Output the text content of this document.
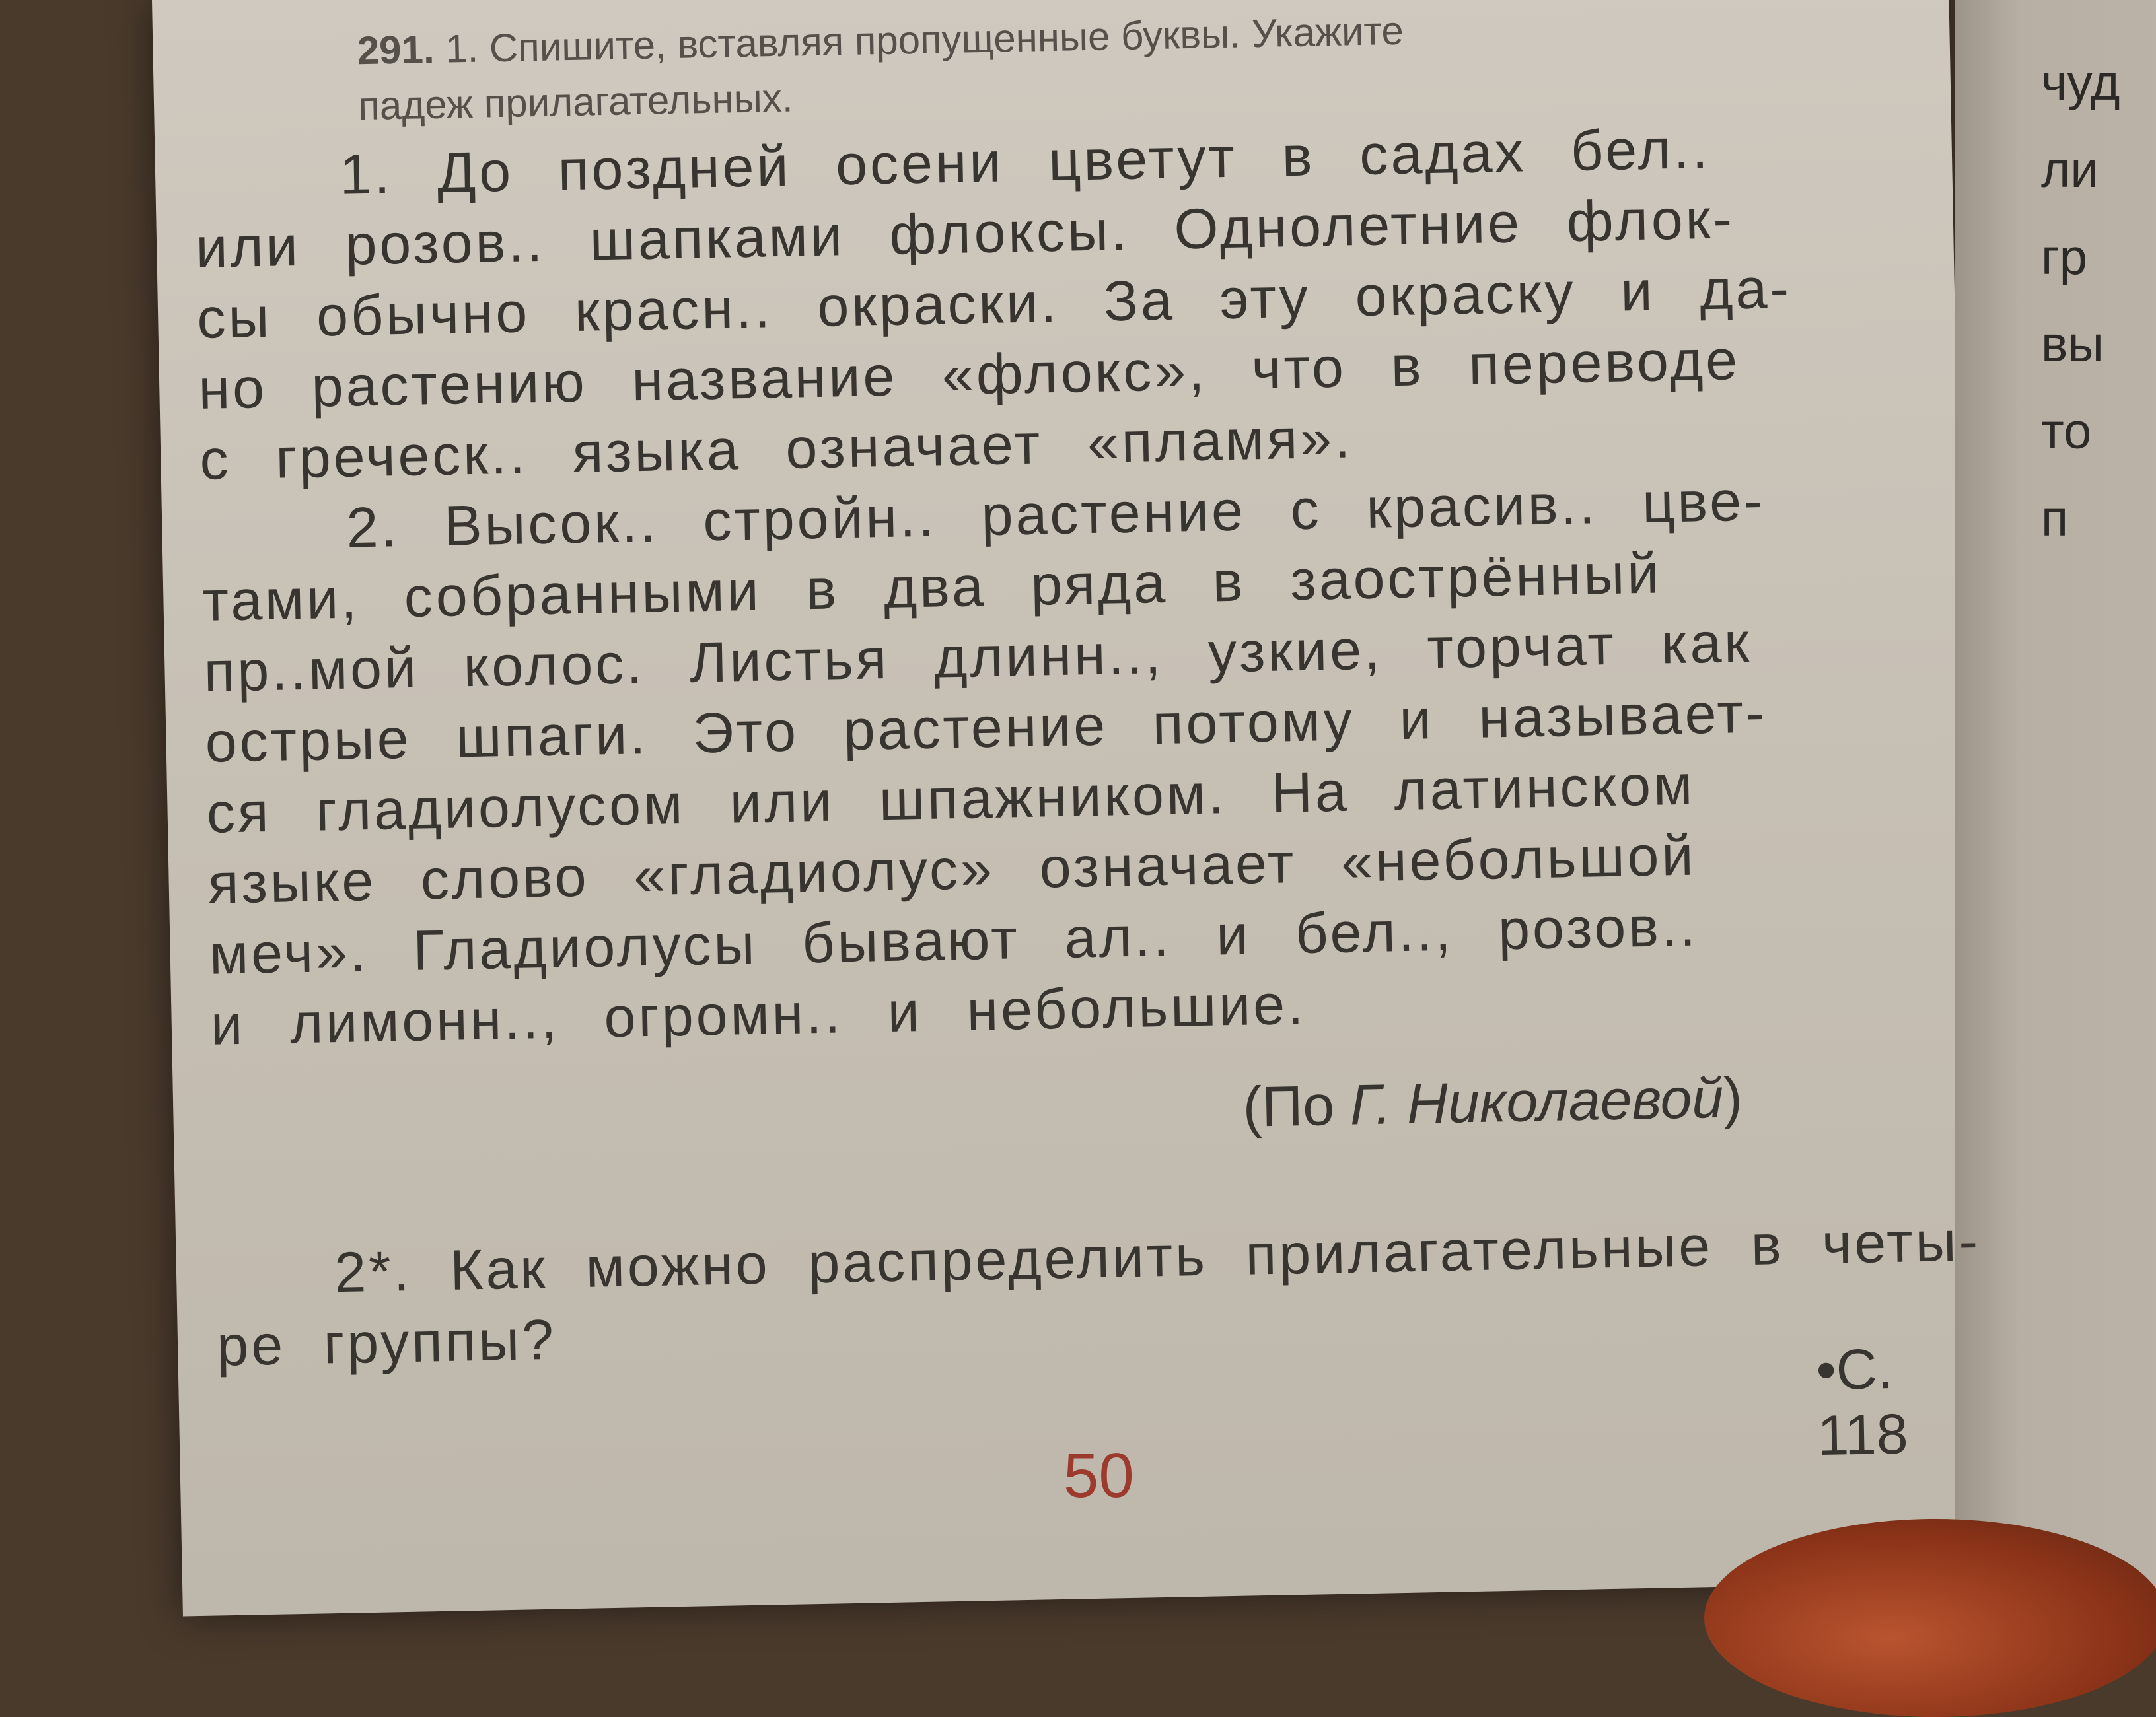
чуд
ли
гр
вы
то
п

291. 1. Спишите, вставляя пропущенные буквы. Укажите

падеж прилагательных.

1. До поздней осени цветут в садах бел..

или розов.. шапками флоксы. Однолетние флок-

сы обычно красн.. окраски. За эту окраску и да-

но растению название «флокс», что в переводе

с греческ.. языка означает «пламя».

2. Высок.. стройн.. растение с красив.. цве-

тами, собранными в два ряда в заострённый

пр..мой колос. Листья длинн.., узкие, торчат как

острые шпаги. Это растение потому и называет-

ся гладиолусом или шпажником. На латинском

языке слово «гладиолус» означает «небольшой

меч». Гладиолусы бывают ал.. и бел.., розов..

и лимонн.., огромн.. и небольшие.

(По Г. Николаевой)

2*. Как можно распределить прилагательные в четы-

ре группы?	•С. 118
50
